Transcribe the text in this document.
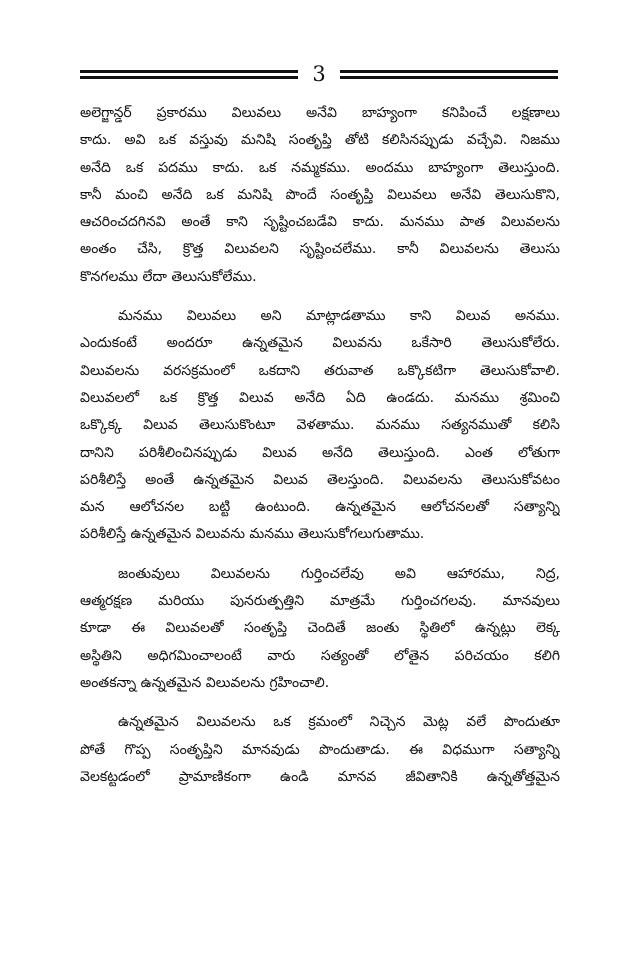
3
అలెగ్జాన్డర్ ప్రకారము విలువలు అనేవి బాహ్యంగా కనిపించే లక్షణాలు
కాదు. అవి ఒక వస్తువు మనిషి సంతృప్తి తోటి కలిసినప్పుడు వచ్చేవి. నిజము
అనేది ఒక పదము కాదు. ఒక నమ్మకము. అందము బాహ్యంగా తెలుస్తుంది.
కానీ మంచి అనేది ఒక మనిషి పొందే సంతృప్తి విలువలు అనేవి తెలుసుకొని,
ఆచరించదగినవి అంతే కాని సృష్టించబడేవి కాదు. మనము పాత విలువలను
అంతం చేసి, క్రొత్త విలువలని సృష్టించలేము. కానీ విలువలను తెలుసు
కొనగలము లేదా తెలుసుకోలేము.
మనము విలువలు అని మాట్లాడతాము కాని విలువ అనము.
ఎందుకంటే అందరూ ఉన్నతమైన విలువను ఒకేసారి తెలుసుకోలేరు.
విలువలను వరసక్రమంలో ఒకదాని తరువాత ఒక్కొకటిగా తెలుసుకోవాలి.
విలువలలో ఒక క్రొత్త విలువ అనేది ఏది ఉండదు. మనము శ్రమించి
ఒక్కొక్క విలువ తెలుసుకొంటూ వెళతాము. మనము సత్యనముతో కలిసి
దానిని పరిశీలించినప్పుడు విలువ అనేది తెలుస్తుంది. ఎంత లోతుగా
పరిశీలిస్తే అంతే ఉన్నతమైన విలువ తెలస్తుంది. విలువలను తెలుసుకోవటం
మన ఆలోచనల బట్టి ఉంటుంది. ఉన్నతమైన ఆలోచనలతో సత్యాన్ని
పరిశీలిస్తే ఉన్నతమైన విలువను మనము తెలుసుకోగలుగుతాము.
జంతువులు విలువలను గుర్తించలేవు అవి ఆహారము, నిద్ర,
ఆత్మరక్షణ మరియు పునరుత్పత్తిని మాత్రమే గుర్తించగలవు. మానవులు
కూడా ఈ విలువలతో సంతృప్తి చెందితే జంతు స్థితిలో ఉన్నట్లు లెక్క
అస్థితిని అధిగమించాలంటే వారు సత్యంతో లోతైన పరిచయం కలిగి
అంతకన్నా ఉన్నతమైన విలువలను గ్రహించాలి.
ఉన్నతమైన విలువలను ఒక క్రమంలో నిచ్చెన మెట్ల వలే పొందుతూ
పోతే గొప్ప సంతృప్తిని మానవుడు పొందుతాడు. ఈ విధముగా సత్యాన్ని
వెలకట్టడంలో ప్రామాణికంగా ఉండి మానవ జీవితానికి ఉన్నతోత్తమైన
